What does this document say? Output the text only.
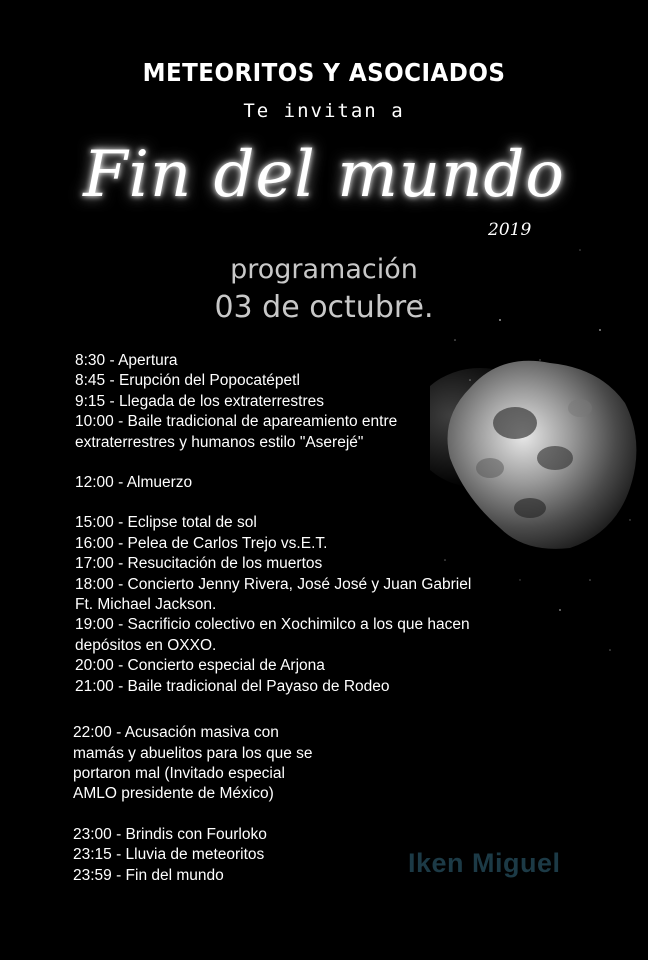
METEORITOS Y ASOCIADOS
Te invitan a
Fin del mundo
2019
programación
03 de octubre.
8:30 - Apertura
8:45 - Erupción del Popocatépetl
9:15 - Llegada de los extraterrestres
10:00 - Baile tradicional de apareamiento entre
extraterrestres y humanos estilo "Aserejé"
12:00 - Almuerzo
15:00 - Eclipse total de sol
16:00 - Pelea de Carlos Trejo vs.E.T.
17:00 - Resucitación de los muertos
18:00 - Concierto Jenny Rivera, José José y Juan Gabriel
Ft. Michael Jackson.
19:00 - Sacrificio colectivo en Xochimilco a los que hacen
depósitos en OXXO.
20:00 - Concierto especial de Arjona
21:00 - Baile tradicional del Payaso de Rodeo
22:00 - Acusación masiva con
mamás y abuelitos para los que se
portaron mal (Invitado especial
AMLO presidente de México)
23:00 - Brindis con Fourloko
23:15 - Lluvia de meteoritos
23:59 - Fin del mundo	Iken Miguel
